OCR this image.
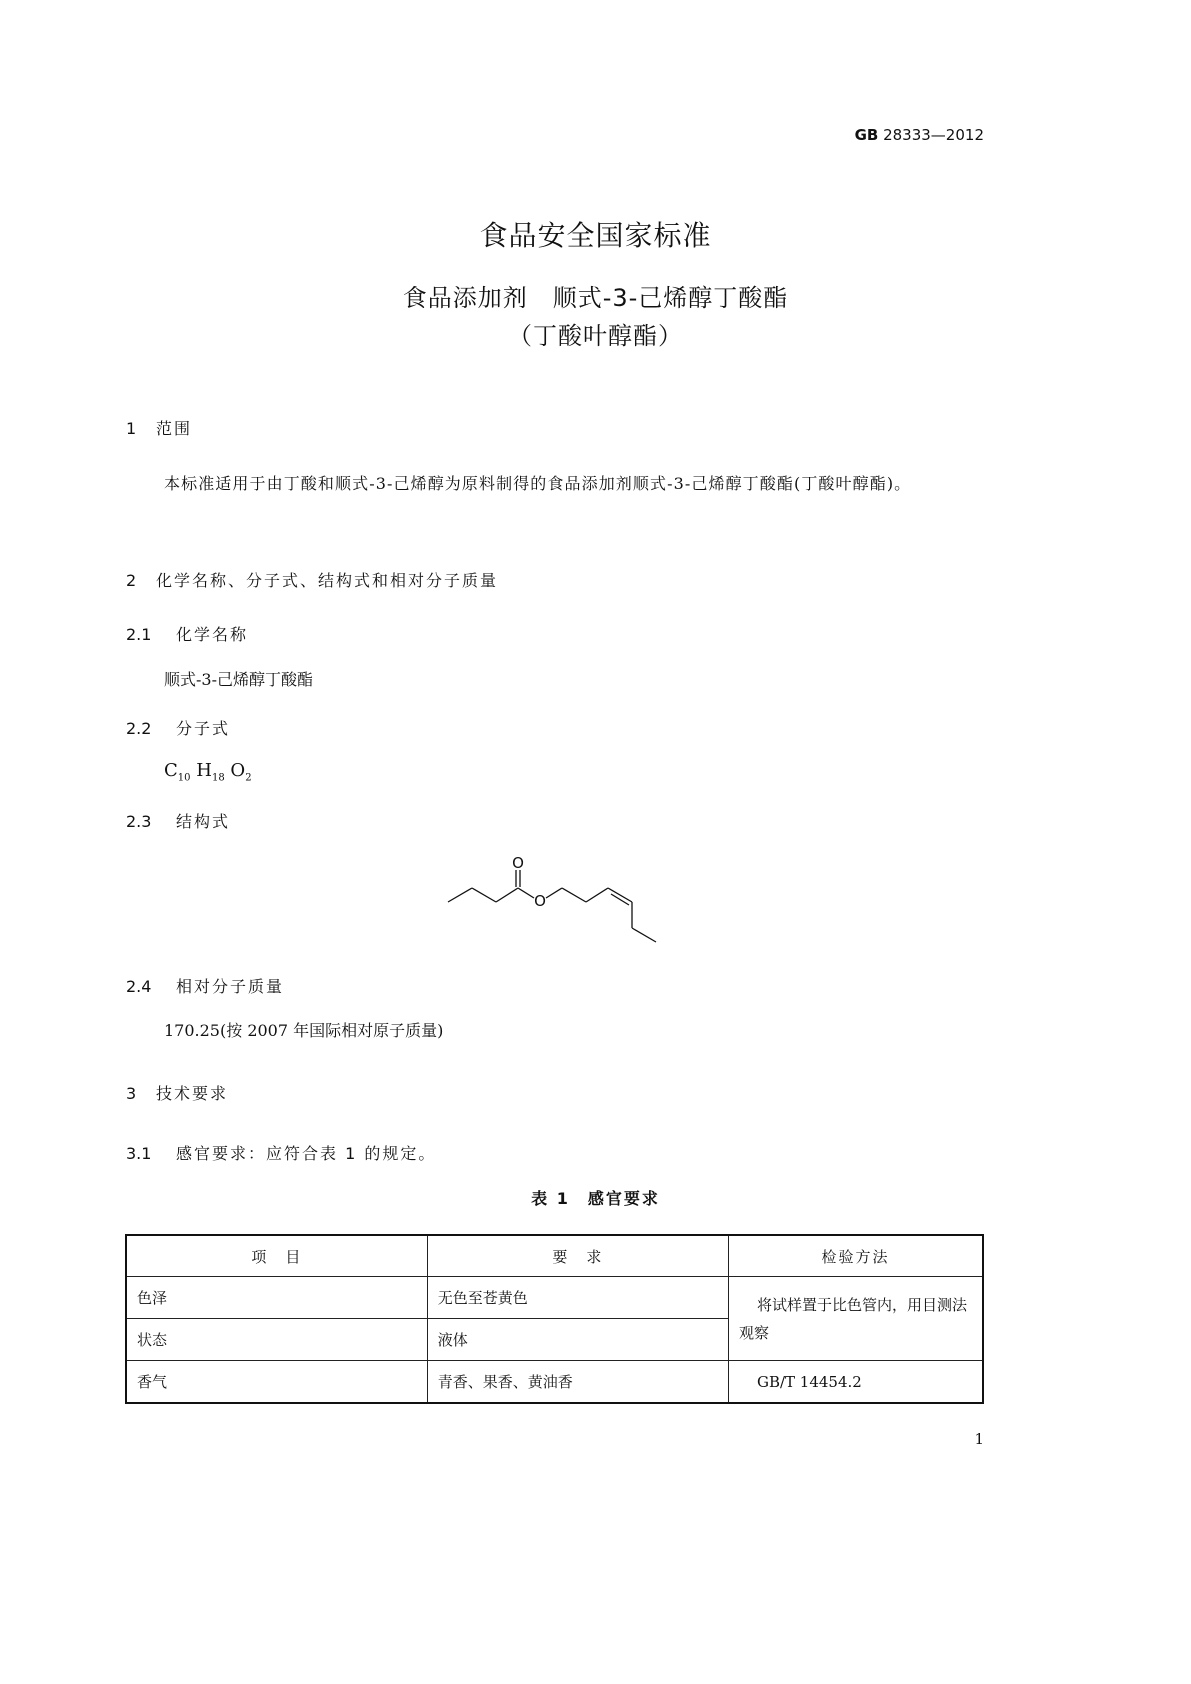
GB 28333—2012
食品安全国家标准
食品添加剂　顺式-3-己烯醇丁酸酯
（丁酸叶醇酯）
1 范围
本标准适用于由丁酸和顺式-3-己烯醇为原料制得的食品添加剂顺式-3-己烯醇丁酸酯(丁酸叶醇酯)。
2 化学名称、分子式、结构式和相对分子质量
2.1 化学名称
顺式-3-己烯醇丁酸酯
2.2 分子式
$C_{10}$ $H_{18}$ $O_2$
2.3 结构式
O
O
2.4 相对分子质量
170.25(按 2007 年国际相对原子质量)
3 技术要求
3.1 感官要求：应符合表 1 的规定。
表 1　感官要求
项　目	要　求	检验方法
色泽	无色至苍黄色	将试样置于比色管内，用目测法观察
状态	液体	
香气	青香、果香、黄油香	GB/T 14454.2
1
